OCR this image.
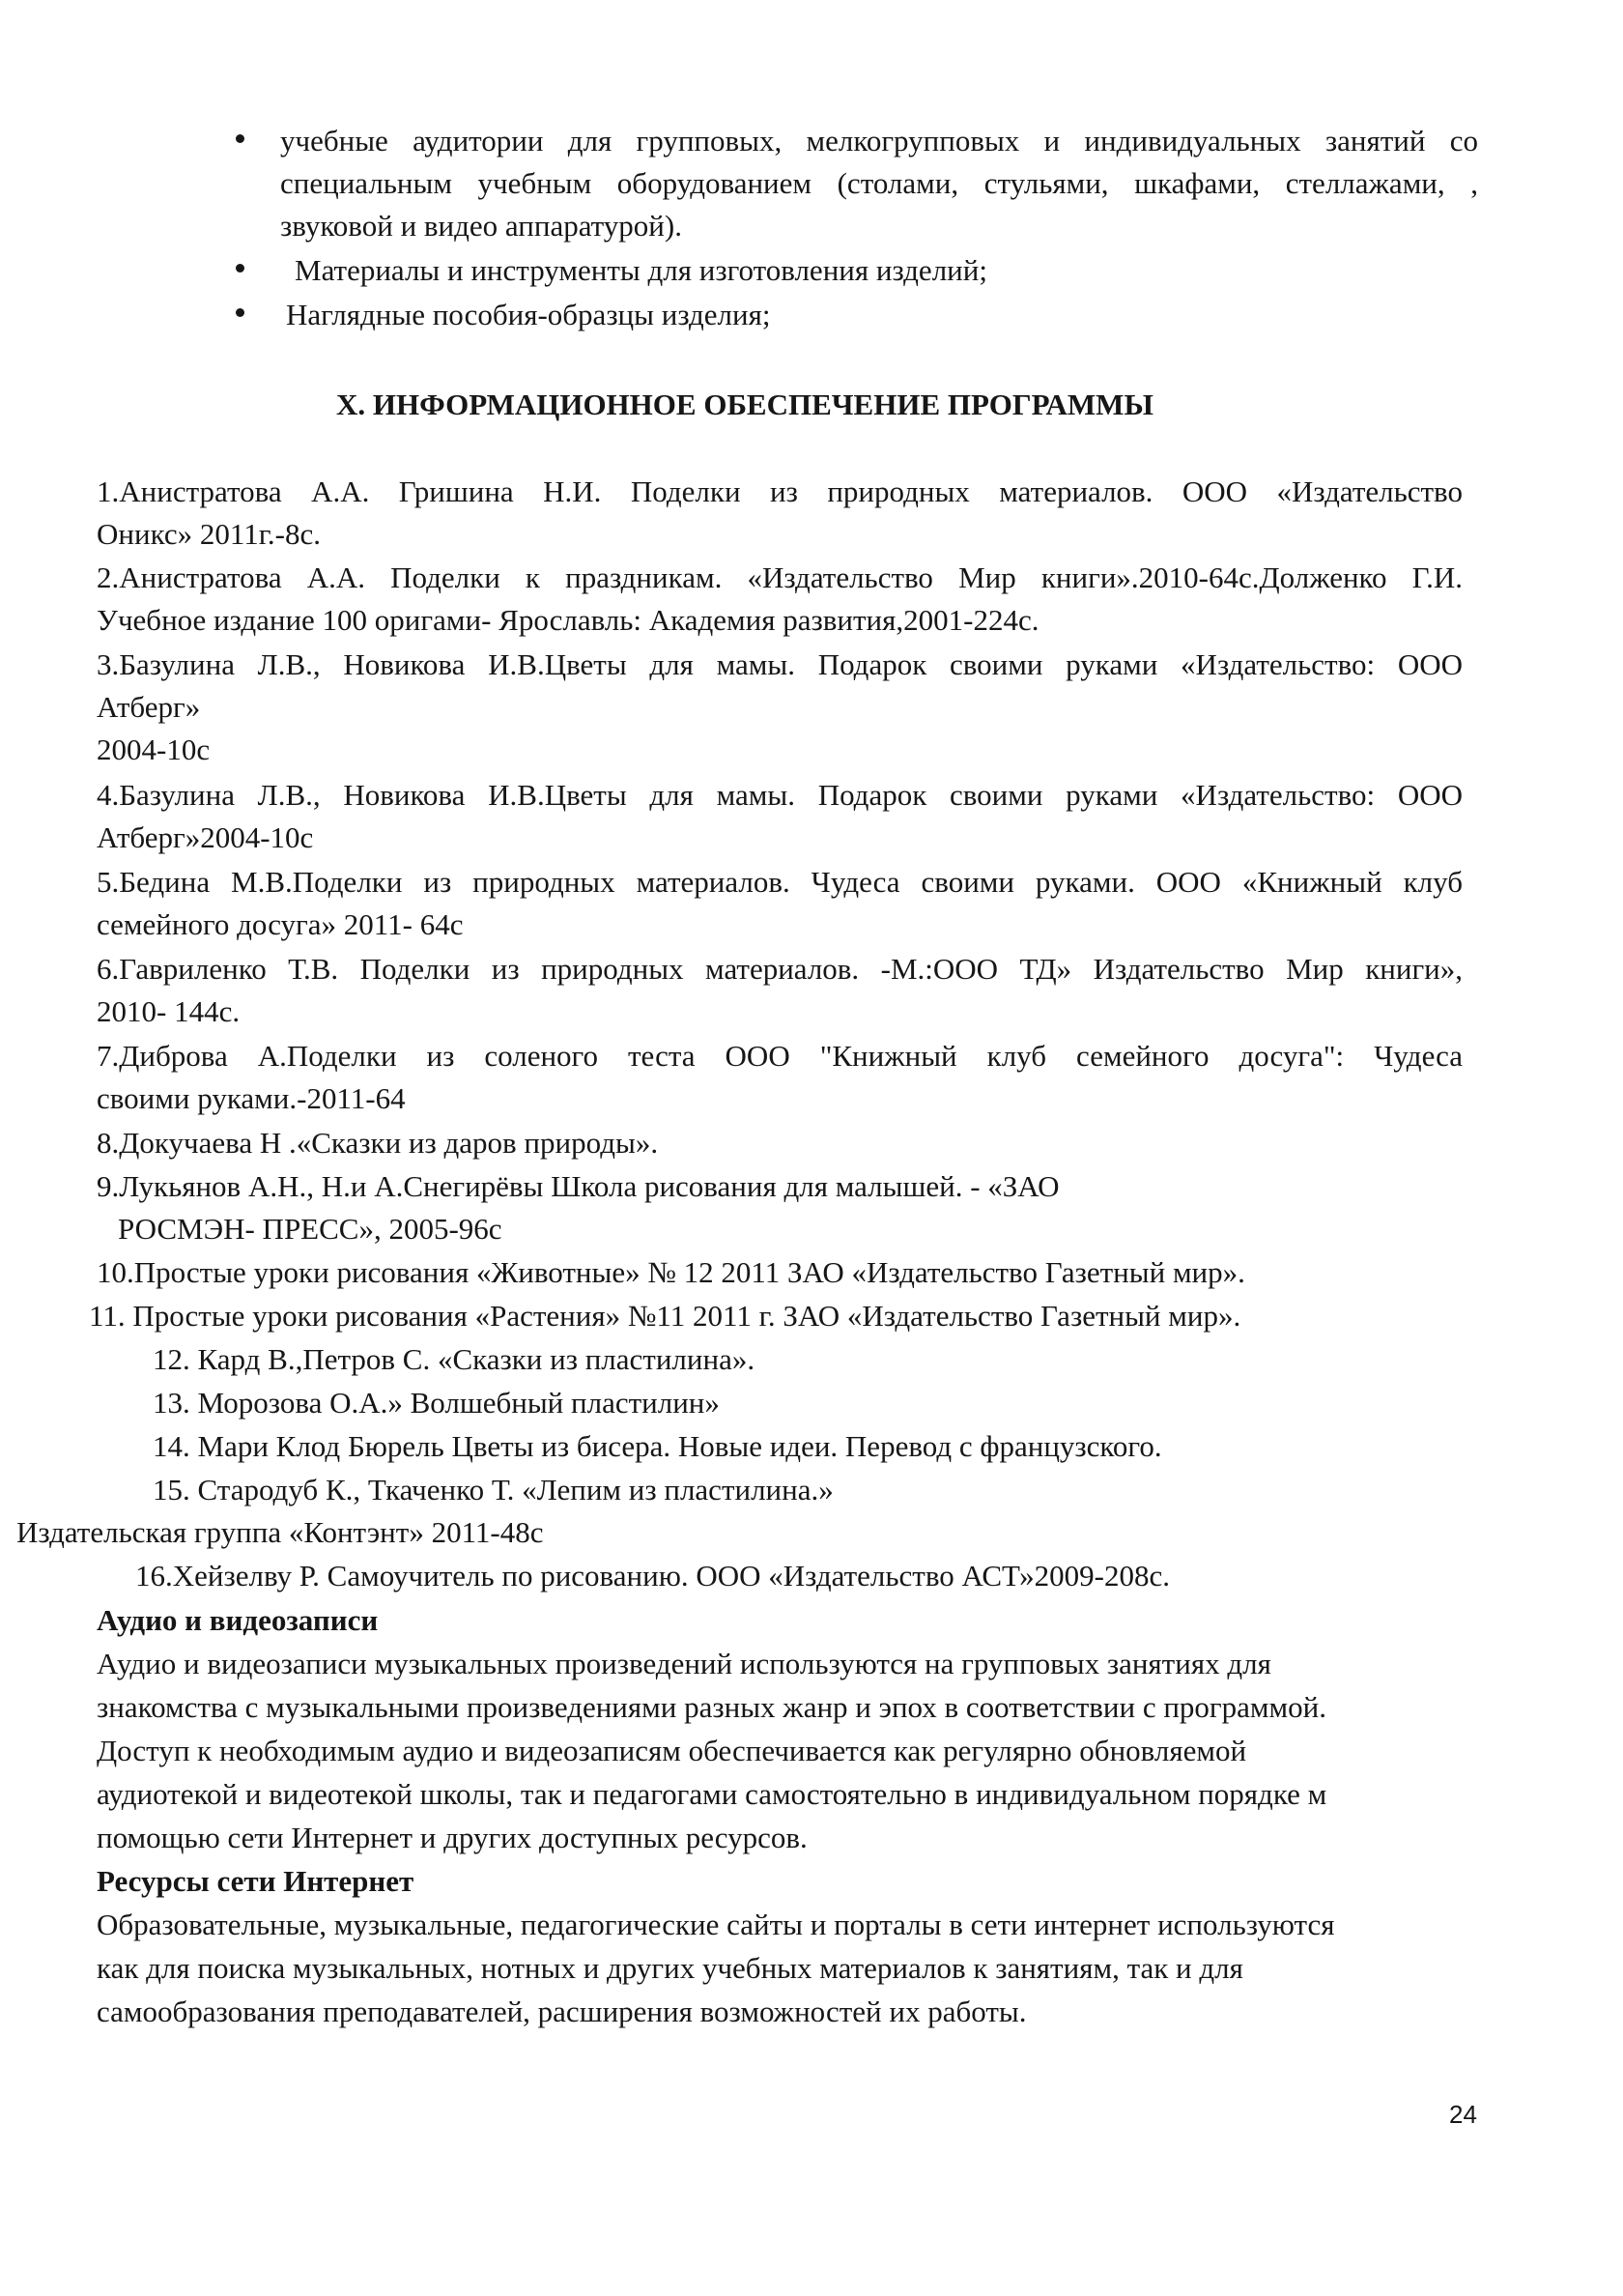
учебные аудитории для групповых, мелкогрупповых и индивидуальных занятий со
специальным учебным оборудованием (столами, стульями, шкафами, стеллажами, ,
звуковой и видео аппаратурой).
Материалы и инструменты для изготовления изделий;
Наглядные пособия-образцы изделия;
X. ИНФОРМАЦИОННОЕ ОБЕСПЕЧЕНИЕ ПРОГРАММЫ
1.Анистратова А.А. Гришина Н.И. Поделки из природных материалов. ООО «Издательство
Оникс» 2011г.-8с.
2.Анистратова А.А. Поделки к праздникам. «Издательство Мир книги».2010-64с.Долженко Г.И.
Учебное издание 100 оригами- Ярославль: Академия развития,2001-224с.
3.Базулина Л.В., Новикова И.В.Цветы для мамы. Подарок своими руками «Издательство: ООО
Атберг»
2004-10с
4.Базулина Л.В., Новикова И.В.Цветы для мамы. Подарок своими руками «Издательство: ООО
Атберг»2004-10с
5.Бедина М.В.Поделки из природных материалов. Чудеса своими руками. ООО «Книжный клуб
семейного досуга» 2011- 64с
6.Гавриленко Т.В. Поделки из природных материалов. -М.:ООО ТД» Издательство Мир книги»,
2010- 144с.
7.Диброва А.Поделки из соленого теста ООО "Книжный клуб семейного досуга": Чудеса
своими руками.-2011-64
8.Докучаева Н .«Сказки из даров природы».
9.Лукьянов А.Н., Н.и А.Снегирёвы Школа рисования для малышей. - «ЗАО
РОСМЭН- ПРЕСС», 2005-96с
10.Простые уроки рисования «Животные» № 12 2011 ЗАО «Издательство Газетный мир».
11. Простые уроки рисования «Растения» №11 2011 г. ЗАО «Издательство Газетный мир».
12. Кард В.,Петров С. «Сказки из пластилина».
13. Морозова О.А.» Волшебный пластилин»
14. Мари Клод Бюрель Цветы из бисера. Новые идеи. Перевод с французского.
15. Стародуб К., Ткаченко Т. «Лепим из пластилина.»
Издательская группа «Контэнт» 2011-48с
16.Хейзелву Р. Самоучитель по рисованию. ООО «Издательство АСТ»2009-208с.
Аудио и видеозаписи
Аудио и видеозаписи музыкальных произведений используются на групповых занятиях для
знакомства с музыкальными произведениями разных жанр и эпох в соответствии с программой.
Доступ к необходимым аудио и видеозаписям обеспечивается как регулярно обновляемой
аудиотекой и видеотекой школы, так и педагогами самостоятельно в индивидуальном порядке м
помощью сети Интернет и других доступных ресурсов.
Ресурсы сети Интернет
Образовательные, музыкальные, педагогические сайты и порталы в сети интернет используются
как для поиска музыкальных, нотных и других учебных материалов к занятиям, так и для
самообразования преподавателей, расширения возможностей их работы.
24
